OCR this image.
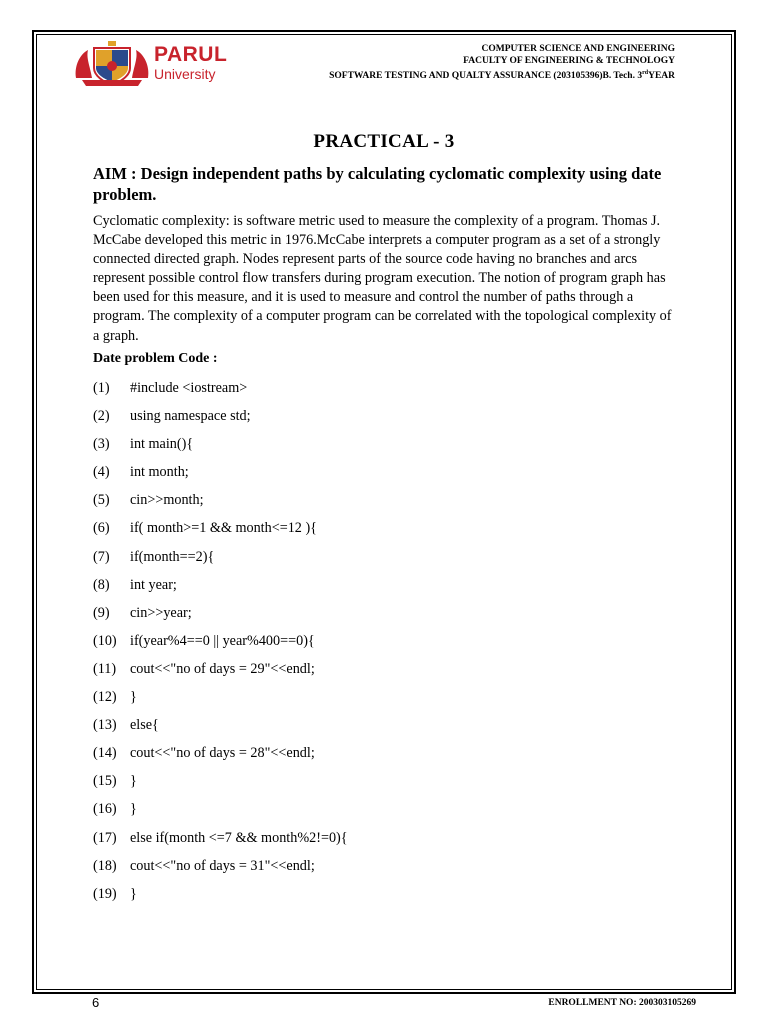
PARUL
University
COMPUTER SCIENCE AND ENGINEERING
FACULTY OF ENGINEERING & TECHNOLOGY
SOFTWARE TESTING AND QUALTY ASSURANCE (203105396)B. Tech. 3rdYEAR
PRACTICAL - 3
AIM : Design independent paths by calculating cyclomatic complexity using date problem.
Cyclomatic complexity: is software metric used to measure the complexity of a program. Thomas J. McCabe developed this metric in 1976.McCabe interprets a computer program as a set of a strongly connected directed graph. Nodes represent parts of the source code having no branches and arcs represent possible control flow transfers during program execution. The notion of program graph has been used for this measure, and it is used to measure and control the number of paths through a program. The complexity of a computer program can be correlated with the topological complexity of a graph.
Date problem Code :
(1) #include <iostream>
(2) using namespace std;
(3) int main(){
(4) int month;
(5) cin>>month;
(6) if( month>=1 && month<=12 ){
(7) if(month==2){
(8) int year;
(9) cin>>year;
(10) if(year%4==0 || year%400==0){
(11) cout<<"no of days = 29"<<endl;
(12) }
(13) else{
(14) cout<<"no of days = 28"<<endl;
(15) }
(16) }
(17) else if(month <=7 && month%2!=0){
(18) cout<<"no of days = 31"<<endl;
(19) }
6	ENROLLMENT NO: 200303105269
